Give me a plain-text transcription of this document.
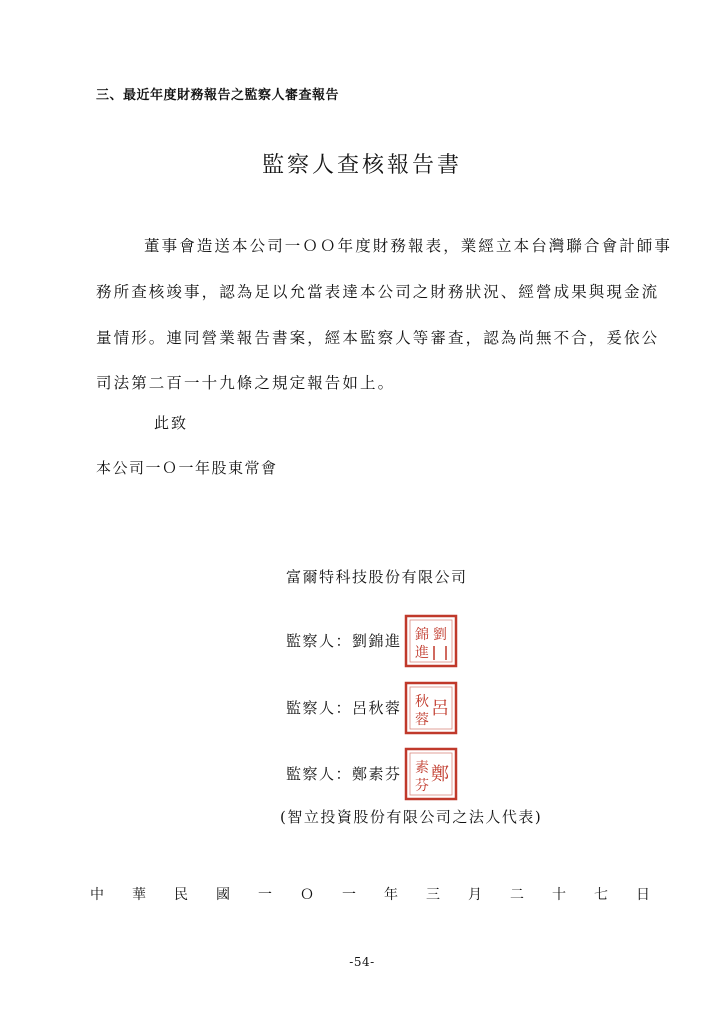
三、最近年度財務報告之監察人審查報告
監察人查核報告書
董事會造送本公司一ＯＯ年度財務報表，業經立本台灣聯合會計師事
務所查核竣事，認為足以允當表達本公司之財務狀況、經營成果與現金流
量情形。連同營業報告書案，經本監察人等審查，認為尚無不合，爰依公
司法第二百一十九條之規定報告如上。
此致
本公司一Ｏ一年股東常會
富爾特科技股份有限公司
監察人：劉錦進 劉
錦
進
監察人：呂秋蓉 呂
秋
蓉
監察人：鄭素芬 鄭
素
芬
(智立投資股份有限公司之法人代表)
中 華 民 國 一 Ｏ 一 年 三 月 二 十 七 日
-54-
